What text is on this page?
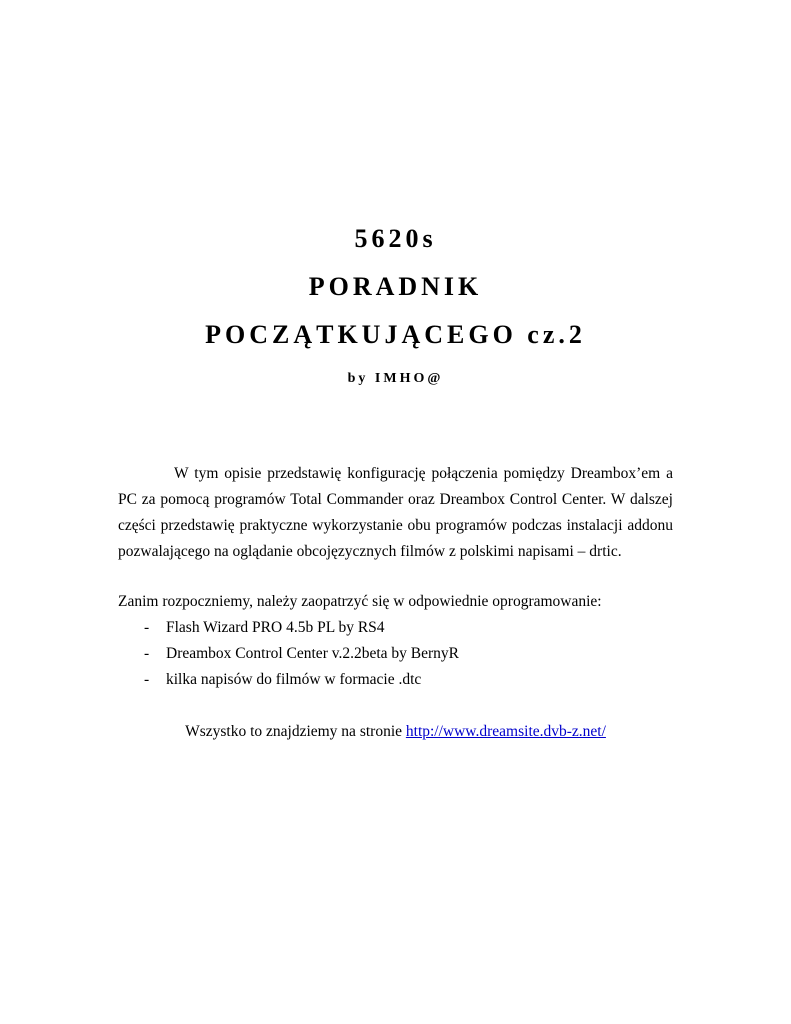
5620s
PORADNIK
POCZĄTKUJĄCEGO cz.2
by IMHO@

W tym opisie przedstawię konfigurację połączenia pomiędzy Dreambox’em a PC za pomocą programów Total Commander oraz Dreambox Control Center. W dalszej części przedstawię praktyczne wykorzystanie obu programów podczas instalacji addonu pozwalającego na oglądanie obcojęzycznych filmów z polskimi napisami – drtic.

Zanim rozpoczniemy, należy zaopatrzyć się w odpowiednie oprogramowanie:

-	Flash Wizard PRO 4.5b PL by RS4
-	Dreambox Control Center v.2.2beta by BernyR
-	kilka napisów do filmów w formacie .dtc
Wszystko to znajdziemy na stronie http://www.dreamsite.dvb-z.net/
